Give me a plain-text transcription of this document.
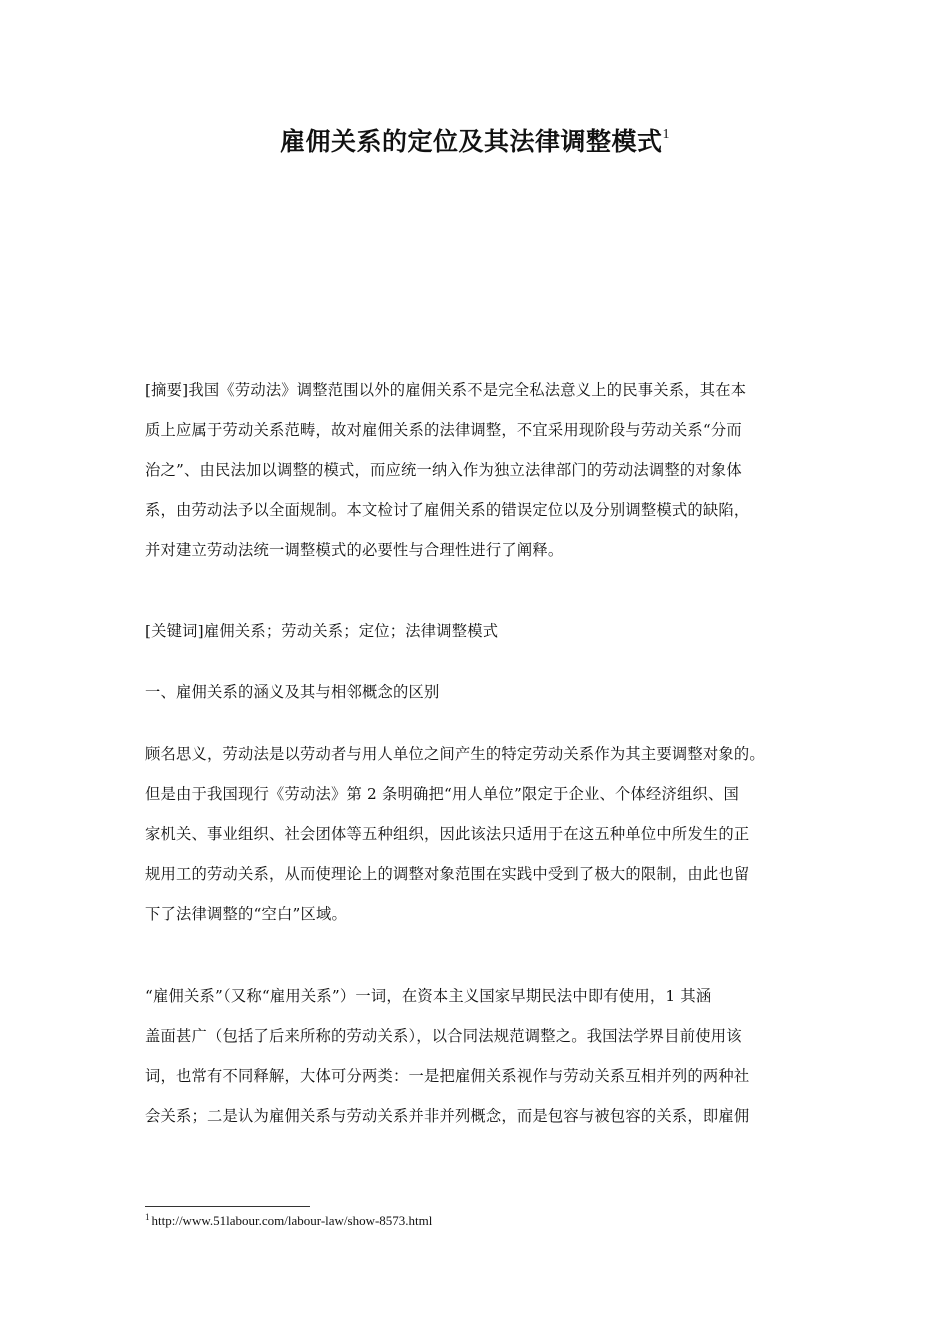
雇佣关系的定位及其法律调整模式$^1$

[摘要]我国《劳动法》调整范围以外的雇佣关系不是完全私法意义上的民事关系，其在本

质上应属于劳动关系范畴，故对雇佣关系的法律调整，不宜采用现阶段与劳动关系“分而

治之”、由民法加以调整的模式，而应统一纳入作为独立法律部门的劳动法调整的对象体

系，由劳动法予以全面规制。本文检讨了雇佣关系的错误定位以及分别调整模式的缺陷，

并对建立劳动法统一调整模式的必要性与合理性进行了阐释。

[关键词]雇佣关系；劳动关系；定位；法律调整模式

一、雇佣关系的涵义及其与相邻概念的区别

顾名思义，劳动法是以劳动者与用人单位之间产生的特定劳动关系作为其主要调整对象的。

但是由于我国现行《劳动法》第 2 条明确把“用人单位”限定于企业、个体经济组织、国

家机关、事业组织、社会团体等五种组织，因此该法只适用于在这五种单位中所发生的正

规用工的劳动关系，从而使理论上的调整对象范围在实践中受到了极大的限制，由此也留

下了法律调整的“空白”区域。

“雇佣关系”（又称“雇用关系”）一词，在资本主义国家早期民法中即有使用，1 其涵

盖面甚广（包括了后来所称的劳动关系），以合同法规范调整之。我国法学界目前使用该

词，也常有不同释解，大体可分两类：一是把雇佣关系视作与劳动关系互相并列的两种社

会关系；二是认为雇佣关系与劳动关系并非并列概念，而是包容与被包容的关系，即雇佣

$^1$ http://www.51labour.com/labour-law/show-8573.html
